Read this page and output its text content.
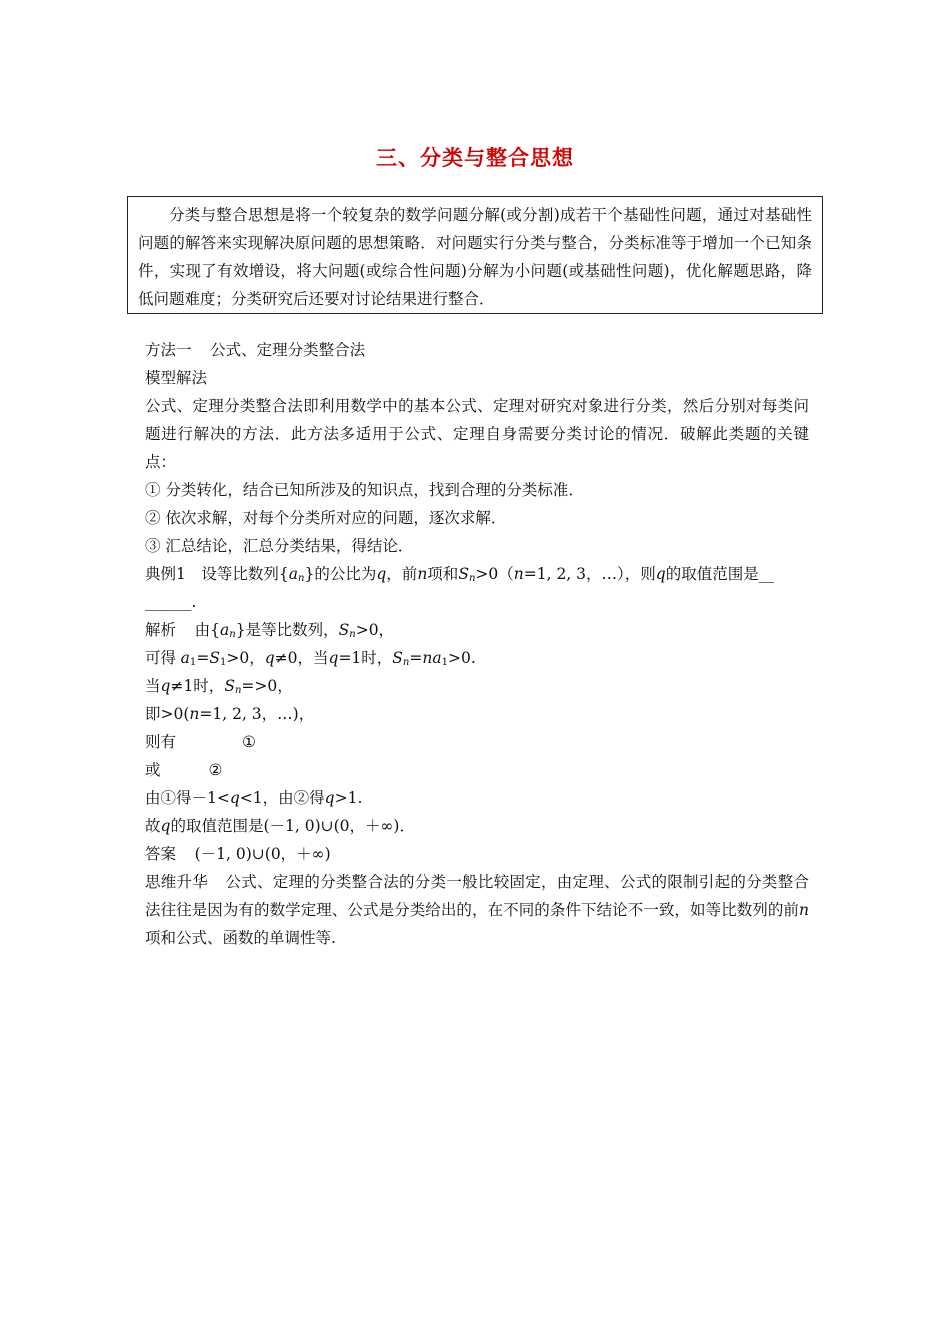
三、分类与整合思想
分类与整合思想是将一个较复杂的数学问题分解(或分割)成若干个基础性问题，通过对基础性问题的解答来实现解决原问题的思想策略．对问题实行分类与整合，分类标准等于增加一个已知条件，实现了有效增设，将大问题(或综合性问题)分解为小问题(或基础性问题)，优化解题思路，降低问题难度；分类研究后还要对讨论结果进行整合．
方法一 公式、定理分类整合法
模型解法
公式、定理分类整合法即利用数学中的基本公式、定理对研究对象进行分类，然后分别对每类问题进行解决的方法．此方法多适用于公式、定理自身需要分类讨论的情况．破解此类题的关键点：
① 分类转化，结合已知所涉及的知识点，找到合理的分类标准．
② 依次求解，对每个分类所对应的问题，逐次求解．
③ 汇总结论，汇总分类结果，得结论．
典例1 设等比数列$\{a_n\}$的公比为q，前n项和$S_n>0(n=1$, 2, 3，…），则q的取值范围是__
______.
解析 由$\{a_n\}$是等比数列，$S_n>0$，
可得 $a_1=S_1>0$，q≠0，当q=1时，$S_n=na_1>0$.
当q≠1时，$S_n=>0$，
即>0(n=1, 2, 3，…)，
则有	①
或	②
由①得－1<q<1，由②得q>1.
故q的取值范围是(－1, 0)∪(0，＋∞)．
答案 (－1, 0)∪(0，＋∞)
思维升华 公式、定理的分类整合法的分类一般比较固定，由定理、公式的限制引起的分类整合法往往是因为有的数学定理、公式是分类给出的，在不同的条件下结论不一致，如等比数列的前n项和公式、函数的单调性等.
